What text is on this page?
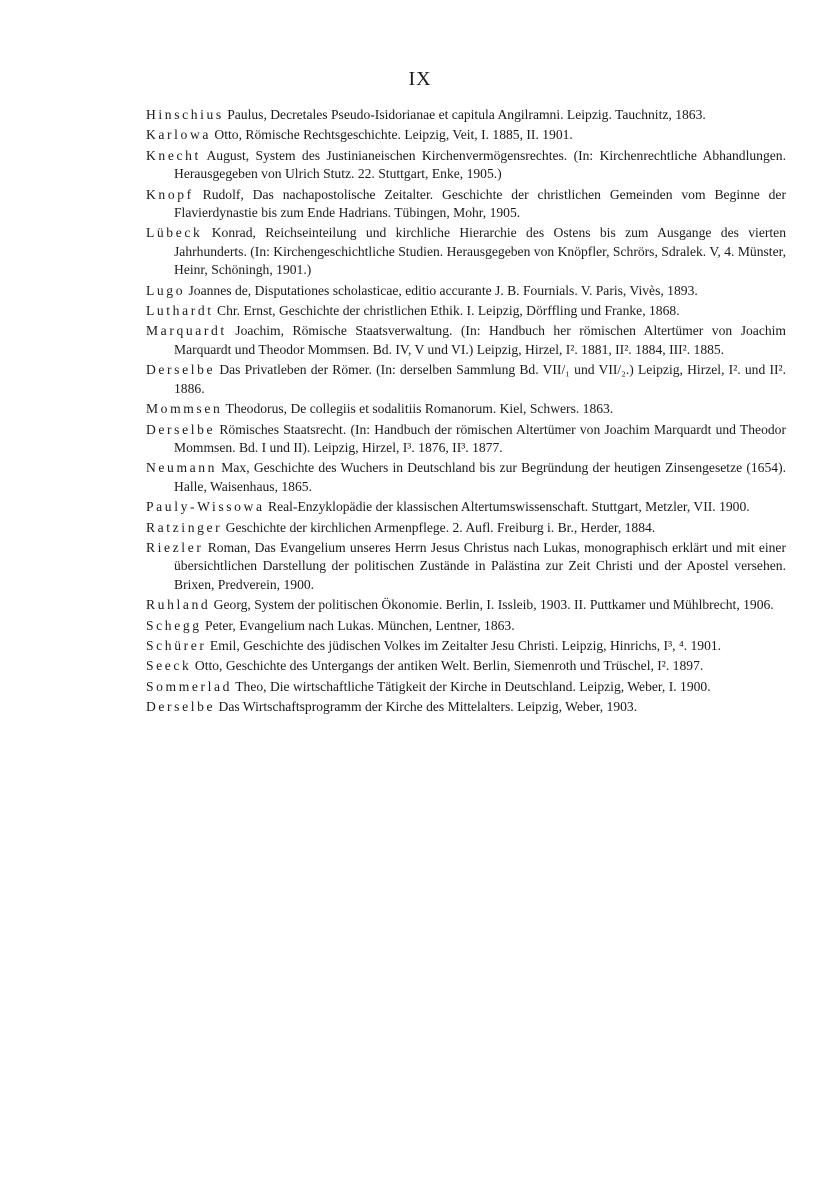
IX

Hinschius Paulus, Decretales Pseudo-Isidorianae et capitula Angilramni. Leipzig. Tauchnitz, 1863.

Karlowa Otto, Römische Rechtsgeschichte. Leipzig, Veit, I. 1885, II. 1901.

Knecht August, System des Justinianeischen Kirchenvermögensrechtes. (In: Kirchenrechtliche Abhandlungen. Herausgegeben von Ulrich Stutz. 22. Stuttgart, Enke, 1905.)

Knopf Rudolf, Das nachapostolische Zeitalter. Geschichte der christlichen Gemeinden vom Beginne der Flavierdynastie bis zum Ende Hadrians. Tübingen, Mohr, 1905.

Lübeck Konrad, Reichseinteilung und kirchliche Hierarchie des Ostens bis zum Ausgange des vierten Jahrhunderts. (In: Kirchengeschichtliche Studien. Herausgegeben von Knöpfler, Schrörs, Sdralek. V, 4. Münster, Heinr, Schöningh, 1901.)

Lugo Joannes de, Disputationes scholasticae, editio accurante J. B. Fournials. V. Paris, Vivès, 1893.

Luthardt Chr. Ernst, Geschichte der christlichen Ethik. I. Leipzig, Dörffling und Franke, 1868.

Marquardt Joachim, Römische Staatsverwaltung. (In: Handbuch her römischen Altertümer von Joachim Marquardt und Theodor Mommsen. Bd. IV, V und VI.) Leipzig, Hirzel, I². 1881, II². 1884, III². 1885.

Derselbe Das Privatleben der Römer. (In: derselben Sammlung Bd. VII/₁ und VII/₂.) Leipzig, Hirzel, I². und II². 1886.

Mommsen Theodorus, De collegiis et sodalitiis Romanorum. Kiel, Schwers. 1863.

Derselbe Römisches Staatsrecht. (In: Handbuch der römischen Altertümer von Joachim Marquardt und Theodor Mommsen. Bd. I und II). Leipzig, Hirzel, I³. 1876, II³. 1877.

Neumann Max, Geschichte des Wuchers in Deutschland bis zur Begründung der heutigen Zinsengesetze (1654). Halle, Waisenhaus, 1865.

Pauly-Wissowa Real-Enzyklopädie der klassischen Altertumswissenschaft. Stuttgart, Metzler, VII. 1900.

Ratzinger Geschichte der kirchlichen Armenpflege. 2. Aufl. Freiburg i. Br., Herder, 1884.

Riezler Roman, Das Evangelium unseres Herrn Jesus Christus nach Lukas, monographisch erklärt und mit einer übersichtlichen Darstellung der politischen Zustände in Palästina zur Zeit Christi und der Apostel versehen. Brixen, Predverein, 1900.

Ruhland Georg, System der politischen Ökonomie. Berlin, I. Issleib, 1903. II. Puttkamer und Mühlbrecht, 1906.

Schegg Peter, Evangelium nach Lukas. München, Lentner, 1863.

Schürer Emil, Geschichte des jüdischen Volkes im Zeitalter Jesu Christi. Leipzig, Hinrichs, I³, ⁴. 1901.

Seeck Otto, Geschichte des Untergangs der antiken Welt. Berlin, Siemenroth und Trüschel, I². 1897.

Sommerlad Theo, Die wirtschaftliche Tätigkeit der Kirche in Deutschland. Leipzig, Weber, I. 1900.

Derselbe Das Wirtschaftsprogramm der Kirche des Mittelalters. Leipzig, Weber, 1903.
